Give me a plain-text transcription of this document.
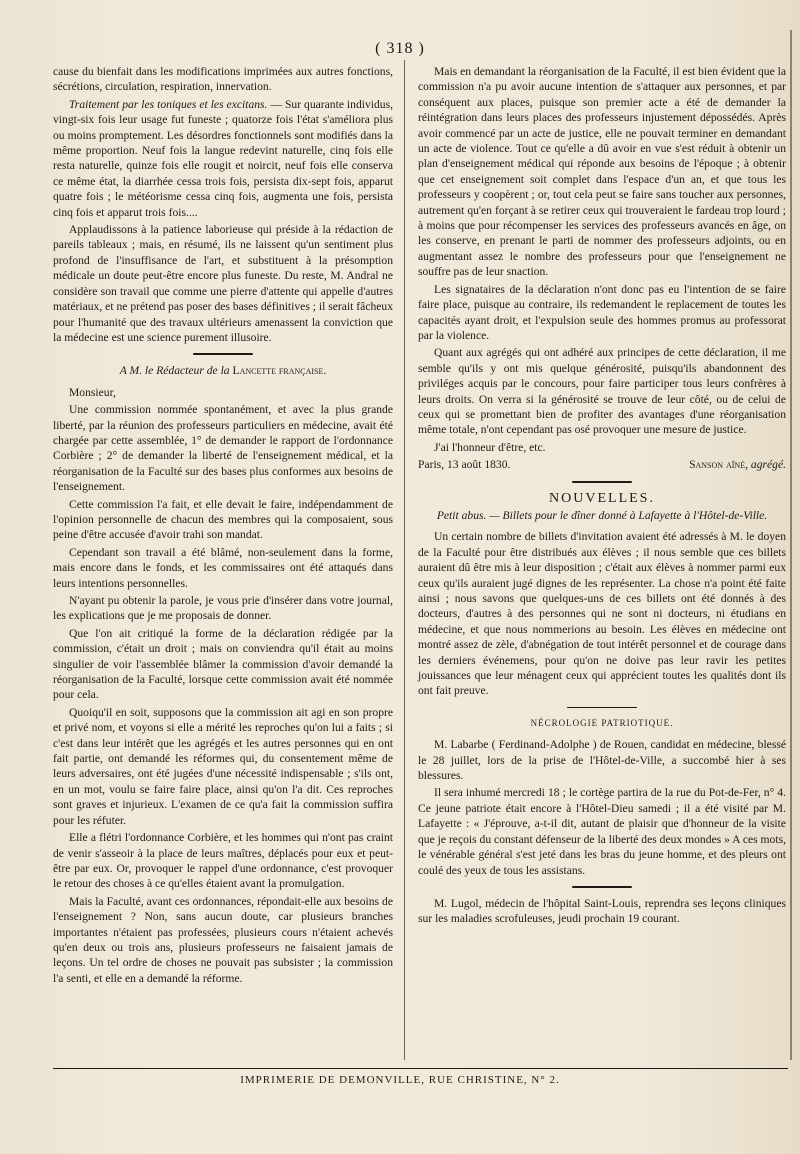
( 318 )

cause du bienfait dans les modifications imprimées aux autres fonctions, sécrétions, circulation, respiration, innervation.

Traitement par les toniques et les excitans. — Sur quarante individus, vingt-six fois leur usage fut funeste ; quatorze fois l'état s'améliora plus ou moins promptement. Les désordres fonctionnels sont modifiés dans la même proportion. Neuf fois la langue redevint naturelle, cinq fois elle resta naturelle, quinze fois elle rougit et noircit, neuf fois elle conserva ce même état, la diarrhée cessa trois fois, persista dix-sept fois, apparut quatre fois ; le météorisme cessa cinq fois, augmenta une fois, persista cinq fois et apparut trois fois....

Applaudissons à la patience laborieuse qui préside à la rédaction de pareils tableaux ; mais, en résumé, ils ne laissent qu'un sentiment plus profond de l'insuffisance de l'art, et substituent à la présomption médicale un doute peut-être encore plus funeste. Du reste, M. Andral ne considère son travail que comme une pierre d'attente qui appelle d'autres matériaux, et ne prétend pas poser des bases définitives ; il serait fâcheux pour l'humanité que des travaux ultérieurs amenassent la conviction que la médecine est une science purement illusoire.

A M. le Rédacteur de la Lancette française.

Monsieur,

Une commission nommée spontanément, et avec la plus grande liberté, par la réunion des professeurs particuliers en médecine, avait été chargée par cette assemblée, 1° de demander le rapport de l'ordonnance Corbière ; 2° de demander la liberté de l'enseignement médical, et la réorganisation de la Faculté sur des bases plus conformes aux besoins de l'enseignement.

Cette commission l'a fait, et elle devait le faire, indépendamment de l'opinion personnelle de chacun des membres qui la composaient, sous peine d'être accusée d'avoir trahi son mandat.

Cependant son travail a été blâmé, non-seulement dans la forme, mais encore dans le fonds, et les commissaires ont été attaqués dans leurs intentions personnelles.

N'ayant pu obtenir la parole, je vous prie d'insérer dans votre journal, les explications que je me proposais de donner.

Que l'on ait critiqué la forme de la déclaration rédigée par la commission, c'était un droit ; mais on conviendra qu'il était au moins singulier de voir l'assemblée blâmer la commission d'avoir demandé la réorganisation de la Faculté, lorsque cette commission avait été nommée pour cela.

Quoiqu'il en soit, supposons que la commission ait agi en son propre et privé nom, et voyons si elle a mérité les reproches qu'on lui a faits ; si c'est dans leur intérêt que les agrégés et les autres personnes qui en ont fait partie, ont demandé les réformes qui, du consentement même de leurs adversaires, ont été jugées d'une nécessité indispensable ; s'ils ont, en un mot, voulu se faire faire place, ainsi qu'on l'a dit. Ces reproches sont graves et injurieux. L'examen de ce qu'a fait la commission suffira pour les réfuter.

Elle a flétri l'ordonnance Corbière, et les hommes qui n'ont pas craint de venir s'asseoir à la place de leurs maîtres, déplacés pour eux et peut-être par eux. Or, provoquer le rappel d'une ordonnance, c'est provoquer le retour des choses à ce qu'elles étaient avant la promulgation.

Mais la Faculté, avant ces ordonnances, répondait-elle aux besoins de l'enseignement ? Non, sans aucun doute, car plusieurs branches importantes n'étaient pas professées, plusieurs cours n'étaient achevés qu'en deux ou trois ans, plusieurs professeurs ne faisaient jamais de leçons. Un tel ordre de choses ne pouvait pas subsister ; la commission l'a senti, et elle en a demandé la réforme.

Mais en demandant la réorganisation de la Faculté, il est bien évident que la commission n'a pu avoir aucune intention de s'attaquer aux personnes, et par conséquent aux places, puisque son premier acte a été de demander la réintégration dans leurs places des professeurs injustement dépossédés. Après avoir commencé par un acte de justice, elle ne pouvait terminer en demandant un acte de violence. Tout ce qu'elle a dû avoir en vue s'est réduit à obtenir un plan d'enseignement médical qui réponde aux besoins de l'époque ; à obtenir que cet enseignement soit complet dans l'espace d'un an, et que tous les professeurs y coopèrent ; or, tout cela peut se faire sans toucher aux personnes, autrement qu'en forçant à se retirer ceux qui trouveraient le fardeau trop lourd ; à moins que pour récompenser les services des professeurs avancés en âge, on les conserve, en prenant le parti de nommer des professeurs adjoints, ou en augmentant assez le nombre des professeurs pour que l'enseignement ne souffre pas de leur snaction.

Les signataires de la déclaration n'ont donc pas eu l'intention de se faire faire place, puisque au contraire, ils redemandent le replacement de toutes les capacités ayant droit, et l'expulsion seule des hommes promus au professorat par la violence.

Quant aux agrégés qui ont adhéré aux principes de cette déclaration, il me semble qu'ils y ont mis quelque générosité, puisqu'ils abandonnent des priviléges acquis par le concours, pour faire participer tous leurs confrères à leurs droits. On verra si la générosité se trouve de leur côté, ou de celui de ceux qui se promettant bien de profiter des avantages d'une réorganisation même totale, n'ont cependant pas osé provoquer une mesure de justice.

J'ai l'honneur d'être, etc.

Paris, 13 août 1830.	Sanson aîné, agrégé.

NOUVELLES.

Petit abus. — Billets pour le dîner donné à Lafayette à l'Hôtel-de-Ville.

Un certain nombre de billets d'invitation avaient été adressés à M. le doyen de la Faculté pour être distribués aux élèves ; il nous semble que ces billets auraient dû être mis à leur disposition ; c'était aux élèves à nommer parmi eux ceux qu'ils auraient jugé dignes de les représenter. La chose n'a point été faite ainsi ; nous savons que quelques-uns de ces billets ont été donnés à des docteurs, d'autres à des personnes qui ne sont ni docteurs, ni étudians en médecine, et que nous nommerions au besoin. Les élèves en médecine ont montré assez de zèle, d'abnégation de tout intérêt personnel et de courage dans les derniers événemens, pour qu'on ne doive pas leur ravir les petites jouissances que leur ménagent ceux qui apprécient toutes les qualités dont ils ont fait preuve.

NÉCROLOGIE PATRIOTIQUE.

M. Labarbe ( Ferdinand-Adolphe ) de Rouen, candidat en médecine, blessé le 28 juillet, lors de la prise de l'Hôtel-de-Ville, a succombé hier à ses blessures.

Il sera inhumé mercredi 18 ; le cortège partira de la rue du Pot-de-Fer, n° 4. Ce jeune patriote était encore à l'Hôtel-Dieu samedi ; il a été visité par M. Lafayette : « J'éprouve, a-t-il dit, autant de plaisir que d'honneur de la visite que je reçois du constant défenseur de la liberté des deux mondes » A ces mots, le vénérable général s'est jeté dans les bras du jeune homme, et des pleurs ont coulé des yeux de tous les assistans.

M. Lugol, médecin de l'hôpital Saint-Louis, reprendra ses leçons cliniques sur les maladies scrofuleuses, jeudi prochain 19 courant.

IMPRIMERIE DE DEMONVILLE, RUE CHRISTINE, N° 2.
